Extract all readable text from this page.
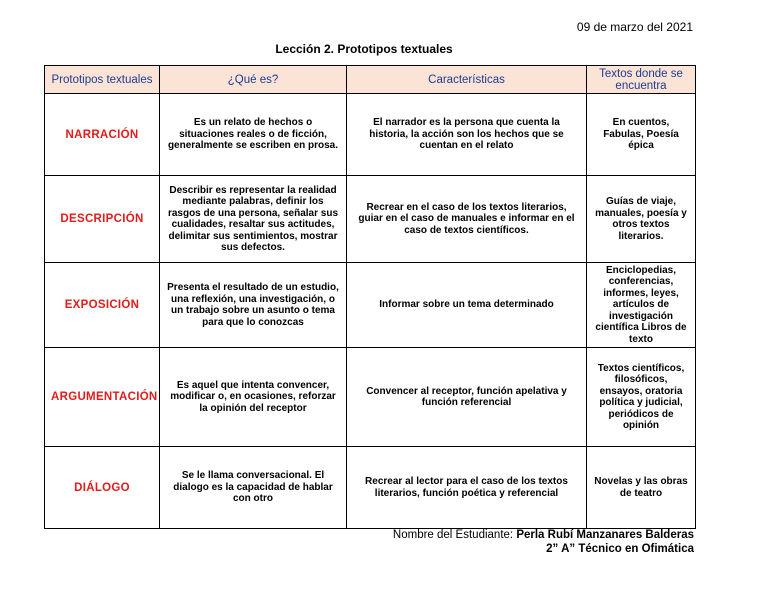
09 de marzo del 2021
Lección 2. Prototipos textuales
Prototipos textuales	¿Qué es?	Características	Textos donde se encuentra
NARRACIÓN	Es un relato de hechos o situaciones reales o de ficción, generalmente se escriben en prosa.	El narrador es la persona que cuenta la historia, la acción son los hechos que se cuentan en el relato	En cuentos, Fabulas, Poesía épica
DESCRIPCIÓN	Describir es representar la realidad mediante palabras, definir los rasgos de una persona, señalar sus cualidades, resaltar sus actitudes, delimitar sus sentimientos, mostrar sus defectos.	Recrear en el caso de los textos literarios, guiar en el caso de manuales e informar en el caso de textos científicos.	Guías de viaje, manuales, poesía y otros textos literarios.
EXPOSICIÓN	Presenta el resultado de un estudio, una reflexión, una investigación, o un trabajo sobre un asunto o tema para que lo conozcas	Informar sobre un tema determinado	Enciclopedias, conferencias, informes, leyes, artículos de investigación científica Libros de texto
ARGUMENTACIÓN	Es aquel que intenta convencer, modificar o, en ocasiones, reforzar la opinión del receptor	Convencer al receptor, función apelativa y función referencial	Textos científicos, filosóficos, ensayos, oratoria política y judicial, periódicos de opinión
DIÁLOGO	Se le llama conversacional. El dialogo es la capacidad de hablar con otro	Recrear al lector para el caso de los textos literarios, función poética y referencial	Novelas y las obras de teatro
Nombre del Estudiante: Perla Rubí Manzanares Balderas
2” A” Técnico en Ofimática
